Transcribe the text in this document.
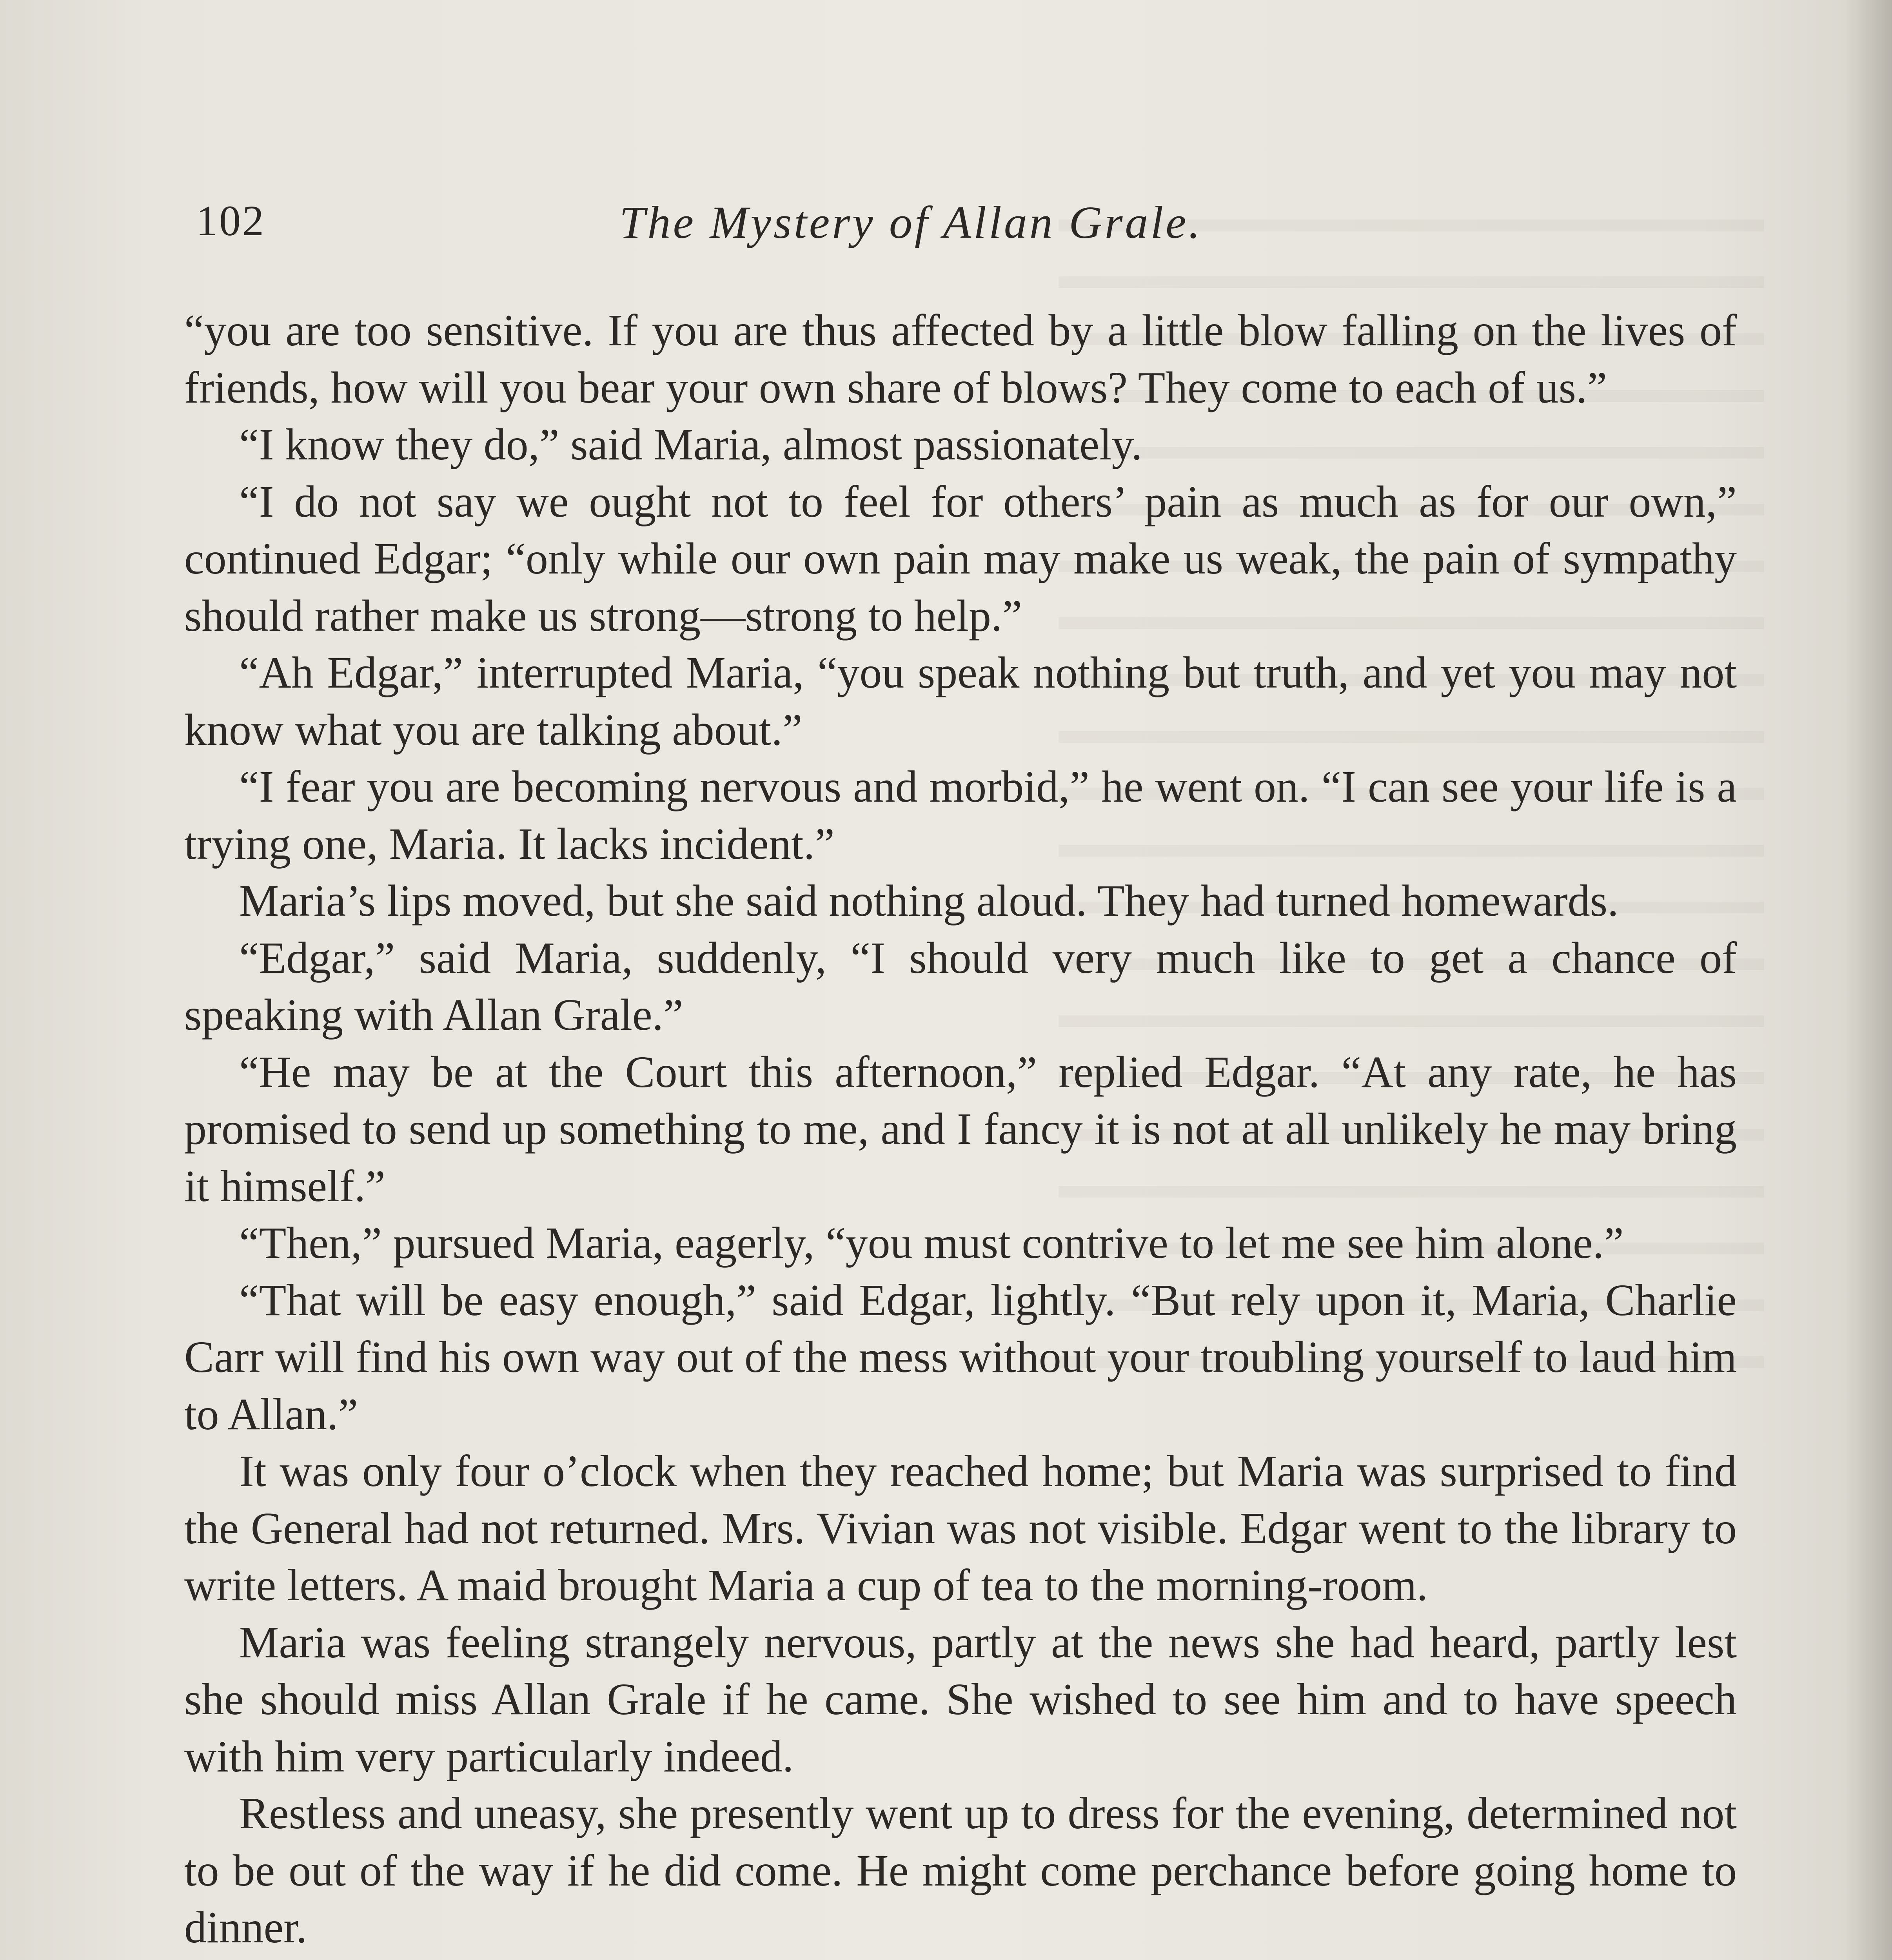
102	The Mystery of Allan Grale.

“you are too sensitive. If you are thus affected by a little blow falling on the lives of friends, how will you bear your own share of blows? They come to each of us.”

“I know they do,” said Maria, almost passionately.

“I do not say we ought not to feel for others’ pain as much as for our own,” continued Edgar; “only while our own pain may make us weak, the pain of sympathy should rather make us strong—strong to help.”

“Ah Edgar,” interrupted Maria, “you speak nothing but truth, and yet you may not know what you are talking about.”

“I fear you are becoming nervous and morbid,” he went on. “I can see your life is a trying one, Maria. It lacks incident.”

Maria’s lips moved, but she said nothing aloud. They had turned homewards.

“Edgar,” said Maria, suddenly, “I should very much like to get a chance of speaking with Allan Grale.”

“He may be at the Court this afternoon,” replied Edgar. “At any rate, he has promised to send up something to me, and I fancy it is not at all unlikely he may bring it himself.”

“Then,” pursued Maria, eagerly, “you must contrive to let me see him alone.”

“That will be easy enough,” said Edgar, lightly. “But rely upon it, Maria, Charlie Carr will find his own way out of the mess without your troubling yourself to laud him to Allan.”

It was only four o’clock when they reached home; but Maria was surprised to find the General had not returned. Mrs. Vivian was not visible. Edgar went to the library to write letters. A maid brought Maria a cup of tea to the morning-room.

Maria was feeling strangely nervous, partly at the news she had heard, partly lest she should miss Allan Grale if he came. She wished to see him and to have speech with him very particularly indeed.

Restless and uneasy, she presently went up to dress for the evening, determined not to be out of the way if he did come. He might come perchance before going home to dinner.
